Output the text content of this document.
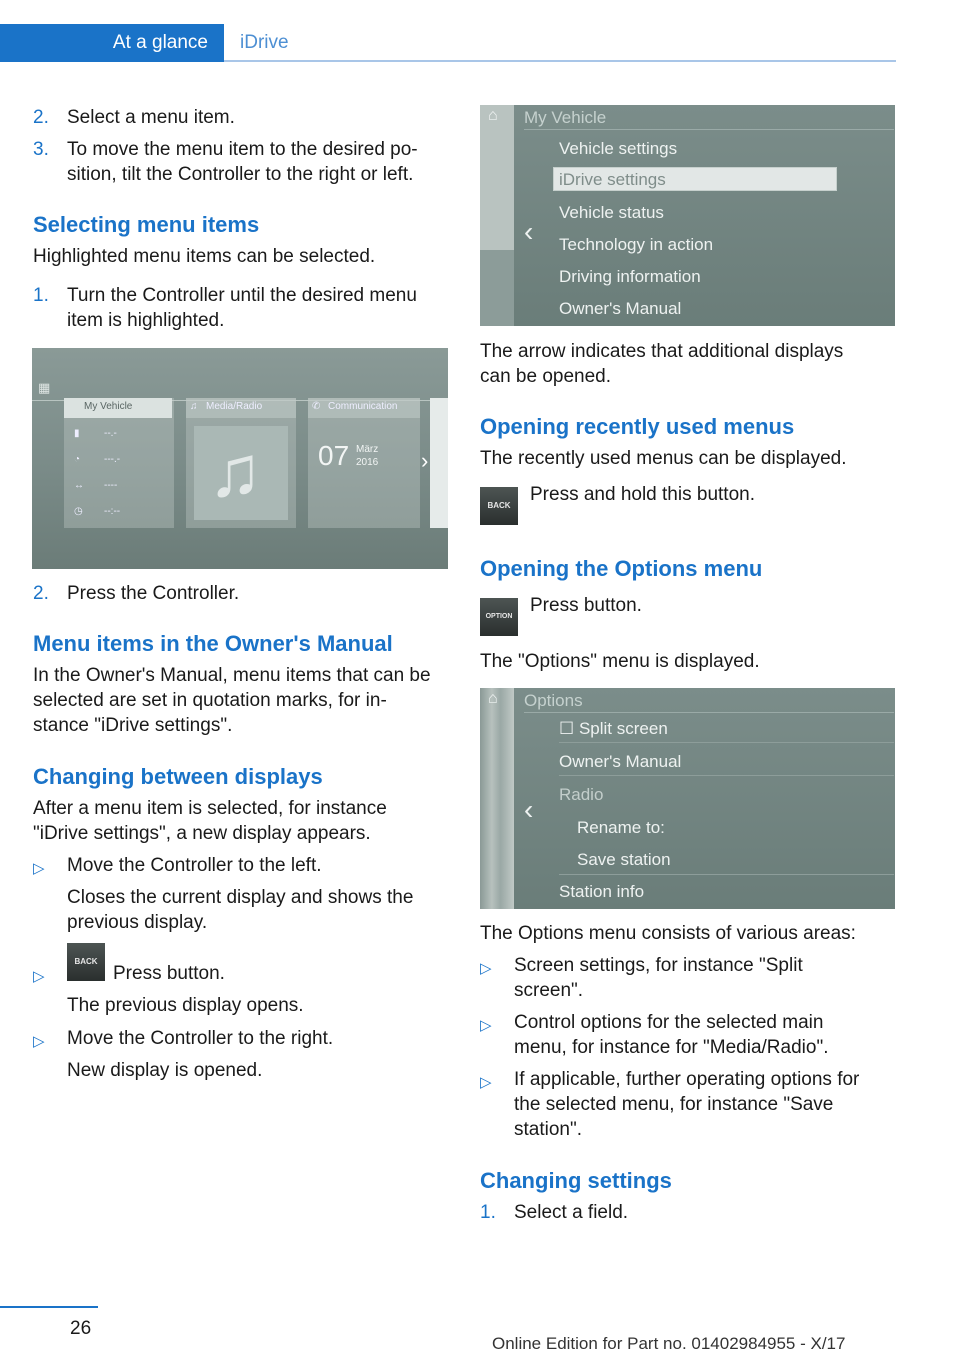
At a glance iDrive
2. Select a menu item.
3. To move the menu item to the desired po‐
sition, tilt the Controller to the right or left.
Selecting menu items
Highlighted menu items can be selected.
1. Turn the Controller until the desired menu
item is highlighted.
▦
My Vehicle
▮ --.-
◔ ---.-
↔ ----
◷ --:--
♫ Media/Radio
♫
✆ Communication
07 März
2016 ›
2. Press the Controller.
Menu items in the Owner's Manual
In the Owner's Manual, menu items that can be
selected are set in quotation marks, for in‐
stance "iDrive settings".
Changing between displays
After a menu item is selected, for instance
"iDrive settings", a new display appears.
▷ Move the Controller to the left.
Closes the current display and shows the
previous display.
▷
BACK
Press button.
The previous display opens.
▷ Move the Controller to the right.
New display is opened.
⌂
‹
My Vehicle
Vehicle settings
iDrive settings
Vehicle status
Technology in action
Driving information
Owner's Manual
The arrow indicates that additional displays
can be opened.
Opening recently used menus
The recently used menus can be displayed.
BACK
Press and hold this button.
Opening the Options menu
OPTION
Press button.
The "Options" menu is displayed.
⌂
‹
Options
☐ Split screen
Owner's Manual
Radio
Rename to:
Save station
Station info
The Options menu consists of various areas:
▷ Screen settings, for instance "Split
screen".
▷ Control options for the selected main
menu, for instance for "Media/Radio".
▷ If applicable, further operating options for
the selected menu, for instance "Save
station".
Changing settings
1. Select a field.
26
Online Edition for Part no. 01402984955 - X/17
